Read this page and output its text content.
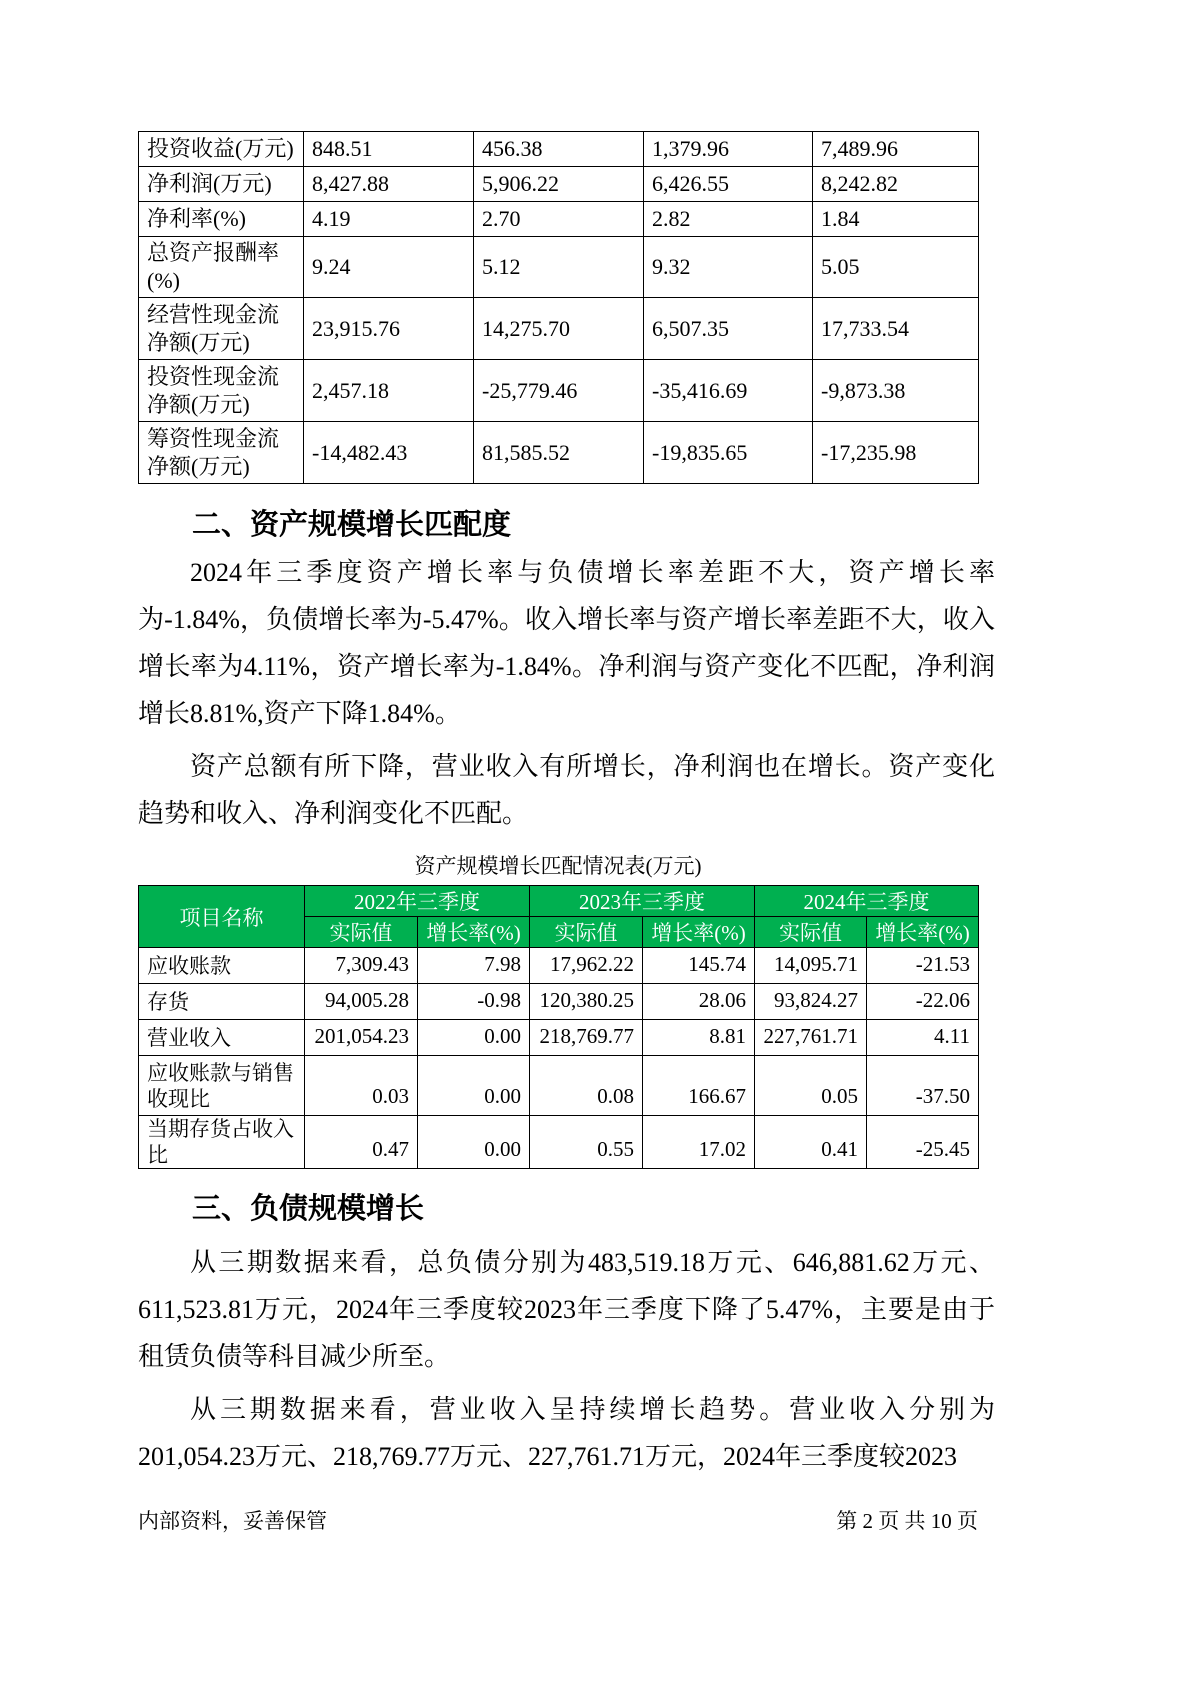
投资收益(万元)	848.51	456.38	1,379.96	7,489.96
净利润(万元)	8,427.88	5,906.22	6,426.55	8,242.82
净利率(%)	4.19	2.70	2.82	1.84
总资产报酬率(%)	9.24	5.12	9.32	5.05
经营性现金流净额(万元)	23,915.76	14,275.70	6,507.35	17,733.54
投资性现金流净额(万元)	2,457.18	-25,779.46	-35,416.69	-9,873.38
筹资性现金流净额(万元)	-14,482.43	81,585.52	-19,835.65	-17,235.98
二、资产规模增长匹配度

2024年三季度资产增长率与负债增长率差距不大，资产增长率为-1.84%，负债增长率为-5.47%。收入增长率与资产增长率差距不大，收入增长率为4.11%，资产增长率为-1.84%。净利润与资产变化不匹配，净利润增长8.81%,资产下降1.84%。

资产总额有所下降，营业收入有所增长，净利润也在增长。资产变化趋势和收入、净利润变化不匹配。

资产规模增长匹配情况表(万元)
项目名称	2022年三季度		2023年三季度		2024年三季度	
	实际值	增长率(%)	实际值	增长率(%)	实际值	增长率(%)
应收账款	7,309.43	7.98	17,962.22	145.74	14,095.71	-21.53
存货	94,005.28	-0.98	120,380.25	28.06	93,824.27	-22.06
营业收入	201,054.23	0.00	218,769.77	8.81	227,761.71	4.11
应收账款与销售收现比	0.03	0.00	0.08	166.67	0.05	-37.50
当期存货占收入比	0.47	0.00	0.55	17.02	0.41	-25.45
三、负债规模增长

从三期数据来看，总负债分别为483,519.18万元、646,881.62万元、611,523.81万元，2024年三季度较2023年三季度下降了5.47%，主要是由于租赁负债等科目减少所至。

从三期数据来看，营业收入呈持续增长趋势。营业收入分别为201,054.23万元、218,769.77万元、227,761.71万元，2024年三季度较2023

内部资料，妥善保管	第 2 页 共 10 页
